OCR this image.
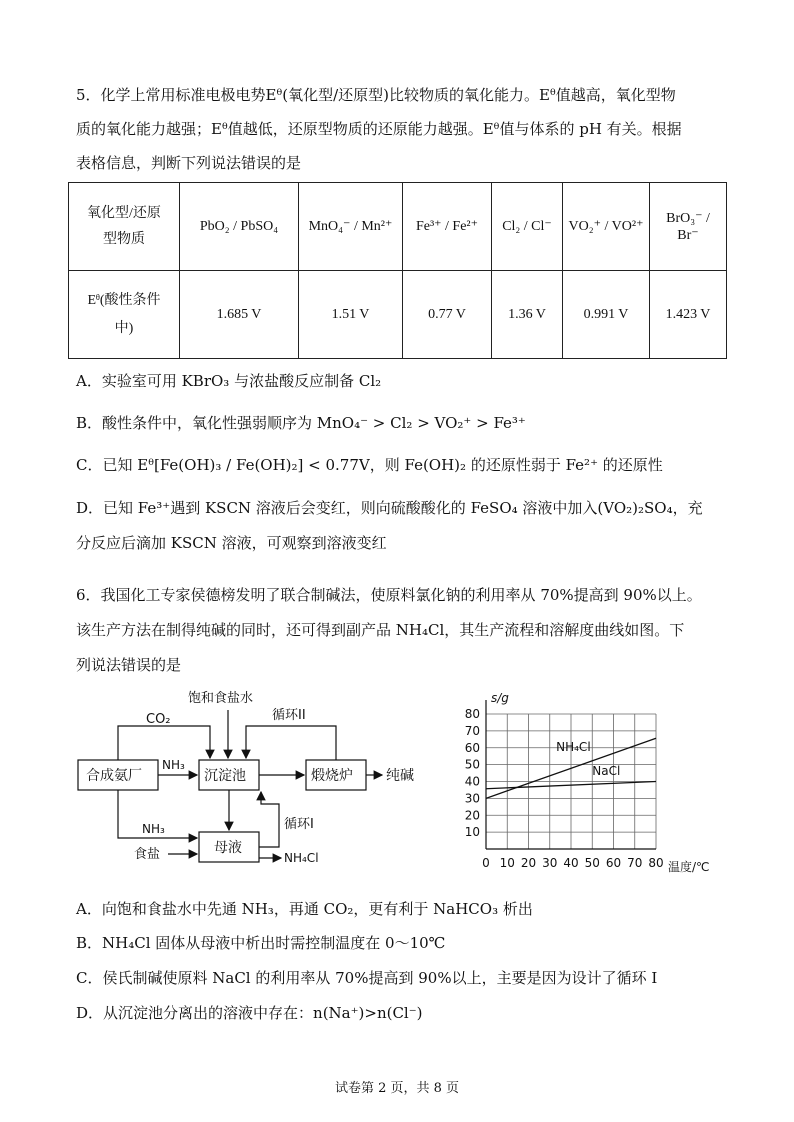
5．化学上常用标准电极电势Eᶿ(氧化型/还原型)比较物质的氧化能力。Eᶿ值越高，氧化型物
质的氧化能力越强；Eᶿ值越低，还原型物质的还原能力越强。Eᶿ值与体系的 pH 有关。根据
表格信息，判断下列说法错误的是
氧化型/还原
型物质	PbO₂ / PbSO₄	MnO₄⁻ / Mn²⁺	Fe³⁺ / Fe²⁺	Cl₂ / Cl⁻	VO₂⁺ / VO²⁺	BrO₃⁻ / Br⁻
Eᶿ(酸性条件
中)	1.685 V	1.51 V	0.77 V	1.36 V	0.991 V	1.423 V
A．实验室可用 KBrO₃ 与浓盐酸反应制备 Cl₂
B．酸性条件中，氧化性强弱顺序为 MnO₄⁻ > Cl₂ > VO₂⁺ > Fe³⁺
C．已知 Eᶿ[Fe(OH)₃ / Fe(OH)₂] < 0.77V，则 Fe(OH)₂ 的还原性弱于 Fe²⁺ 的还原性
D．已知 Fe³⁺遇到 KSCN 溶液后会变红，则向硫酸酸化的 FeSO₄ 溶液中加入(VO₂)₂SO₄，充
分反应后滴加 KSCN 溶液，可观察到溶液变红
6．我国化工专家侯德榜发明了联合制碱法，使原料氯化钠的利用率从 70%提高到 90%以上。
该生产方法在制得纯碱的同时，还可得到副产品 NH₄Cl，其生产流程和溶解度曲线如图。下
列说法错误的是
饱和食盐水
循环II
CO₂
NH₃
合成氨厂	沉淀池	煅烧炉 纯碱
循环I
NH₃
食盐	母液
NH₄Cl	0 10 20 30 40 50 60 70 80
10
20
30
40
50
60
70
80
s/g
温度/℃
NH₄Cl
NaCl
A．向饱和食盐水中先通 NH₃，再通 CO₂，更有利于 NaHCO₃ 析出
B．NH₄Cl 固体从母液中析出时需控制温度在 0～10℃
C．侯氏制碱使原料 NaCl 的利用率从 70%提高到 90%以上，主要是因为设计了循环 I
D．从沉淀池分离出的溶液中存在：n(Na⁺)>n(Cl⁻)
试卷第 2 页，共 8 页
